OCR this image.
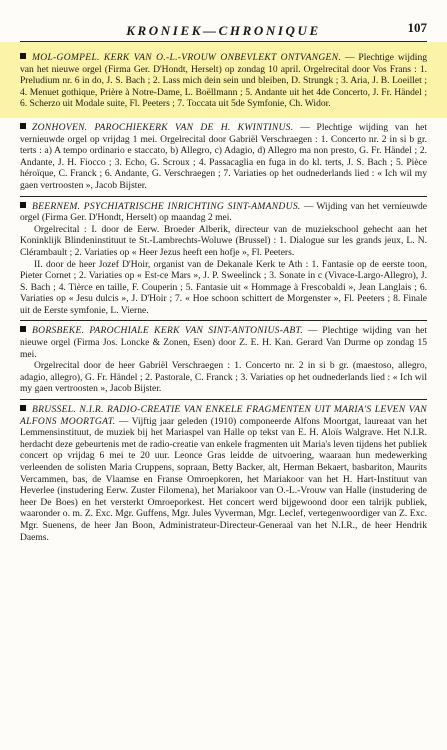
KRONIEK—CHRONIQUE	107

MOL-GOMPEL. KERK VAN O.-L.-VROUW ONBEVLEKT ONTVANGEN. — Plechtige wijding van het nieuwe orgel (Firma Ger. D'Hondt, Herselt) op zondag 10 april. Orgelrecital door Vos Frans : 1. Preludium nr. 6 in do, J. S. Bach ; 2. Lass mich dein sein und bleiben, D. Strungk ; 3. Aria, J. B. Loeillet ; 4. Menuet gothique, Prière à Notre-Dame, L. Boëllmann ; 5. Andante uit het 4de Concerto, J. Fr. Händel ; 6. Scherzo uit Modale suite, Fl. Peeters ; 7. Toccata uit 5de Symfonie, Ch. Widor.

ZONHOVEN. PAROCHIEKERK VAN DE H. KWINTINUS. — Plechtige wijding van het vernieuwde orgel op vrijdag 1 mei. Orgelrecital door Gabriël Verschraegen : 1. Concerto nr. 2 in si b gr. terts : a) A tempo ordinario e staccato, b) Allegro, c) Adagio, d) Allegro ma non presto, G. Fr. Händel ; 2. Andante, J. H. Fiocco ; 3. Echo, G. Scroux ; 4. Passacaglia en fuga in do kl. terts, J. S. Bach ; 5. Pièce héroïque, C. Franck ; 6. Andante, G. Verschraegen ; 7. Variaties op het oudnederlands lied : « Ich wil my gaen vertroosten », Jacob Bijster.

BEERNEM. PSYCHIATRISCHE INRICHTING SINT-AMANDUS. — Wijding van het vernieuwde orgel (Firma Ger. D'Hondt, Herselt) op maandag 2 mei.

Orgelrecital : I. door de Eerw. Broeder Alberik, directeur van de muziekschool gehecht aan het Koninklijk Blindeninstituut te St.-Lambrechts-Woluwe (Brussel) : 1. Dialogue sur les grands jeux, L. N. Clérambault ; 2. Variaties op « Heer Jezus heeft een hofje », Fl. Peeters.

II. door de heer Jozef D'Hoir, organist van de Dekanale Kerk te Ath : 1. Fantasie op de eerste toon, Pieter Cornet ; 2. Variaties op « Est-ce Mars », J. P. Sweelinck ; 3. Sonate in c (Vivace-Largo-Allegro), J. S. Bach ; 4. Tièrce en taille, F. Couperin ; 5. Fantasie uit « Hommage à Frescobaldi », Jean Langlais ; 6. Variaties op « Jesu dulcis », J. D'Hoir ; 7. « Hoe schoon schittert de Morgenster », Fl. Peeters ; 8. Finale uit de Eerste symfonie, L. Vierne.

BORSBEKE. PAROCHIALE KERK VAN SINT-ANTONIUS-ABT. — Plechtige wijding van het nieuwe orgel (Firma Jos. Loncke & Zonen, Esen) door Z. E. H. Kan. Gerard Van Durme op zondag 15 mei.

Orgelrecital door de heer Gabriël Verschraegen : 1. Concerto nr. 2 in si b gr. (maestoso, allegro, adagio, allegro), G. Fr. Händel ; 2. Pastorale, C. Franck ; 3. Variaties op het oudnederlands lied : « Ich wil my gaen vertroosten », Jacob Bijster.

BRUSSEL. N.I.R. RADIO-CREATIE VAN ENKELE FRAGMENTEN UIT MARIA'S LEVEN VAN ALFONS MOORTGAT. — Vijftig jaar geleden (1910) componeerde Alfons Moortgat, laureaat van het Lemmensinstituut, de muziek bij het Mariaspel van Halle op tekst van E. H. Aloïs Walgrave. Het N.I.R. herdacht deze gebeurtenis met de radio-creatie van enkele fragmenten uit Maria's leven tijdens het publiek concert op vrijdag 6 mei te 20 uur. Leonce Gras leidde de uitvoering, waaraan hun medewerking verleenden de solisten Maria Cruppens, sopraan, Betty Backer, alt, Herman Bekaert, basbariton, Maurits Vercammen, bas, de Vlaamse en Franse Omroepkoren, het Mariakoor van het H. Hart-Instituut van Heverlee (instudering Eerw. Zuster Filomena), het Mariakoor van O.-L.-Vrouw van Halle (instudering de heer De Boes) en het versterkt Omroeporkest. Het concert werd bijgewoond door een talrijk publiek, waaronder o. m. Z. Exc. Mgr. Guffens, Mgr. Jules Vyverman, Mgr. Leclef, vertegenwoordiger van Z. Exc. Mgr. Suenens, de heer Jan Boon, Administrateur-Directeur-Generaal van het N.I.R., de heer Hendrik Daems.
